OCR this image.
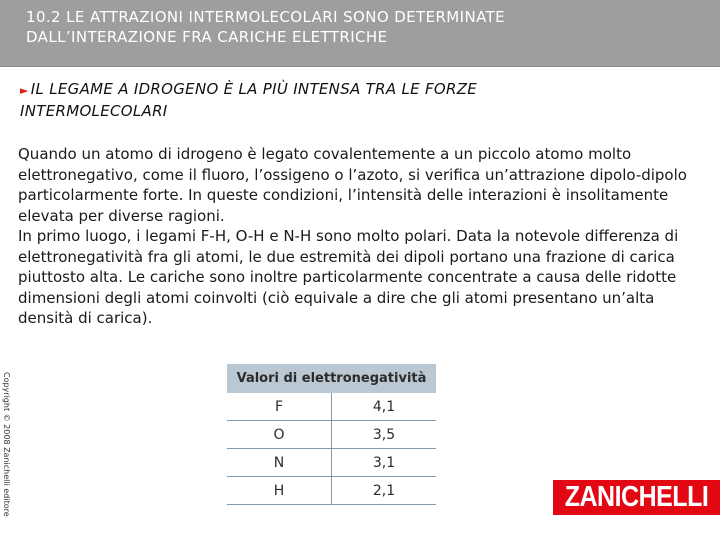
10.2 LE ATTRAZIONI INTERMOLECOLARI SONO DETERMINATE
DALL’INTERAZIONE FRA CARICHE ELETTRICHE
► IL LEGAME A IDROGENO È LA PIÙ INTENSA TRA LE FORZE
INTERMOLECOLARI

Quando un atomo di idrogeno è legato covalentemente a un piccolo atomo molto elettronegativo, come il fluoro, l’ossigeno o l’azoto, si verifica un’attrazione dipolo-dipolo particolarmente forte. In queste condizioni, l’intensità delle interazioni è insolitamente elevata per diverse ragioni.

In primo luogo, i legami F-H, O-H e N-H sono molto polari. Data la notevole differenza di elettronegatività fra gli atomi, le due estremità dei dipoli portano una frazione di carica piuttosto alta. Le cariche sono inoltre particolarmente concentrate a causa delle ridotte dimensioni degli atomi coinvolti (ciò equivale a dire che gli atomi presentano un’alta densità di carica).

Copyright © 2008 Zanichelli editore	Valori di elettronegatività	
F	4,1
O	3,5
N	3,1
H	2,1	ZANICHELLI
